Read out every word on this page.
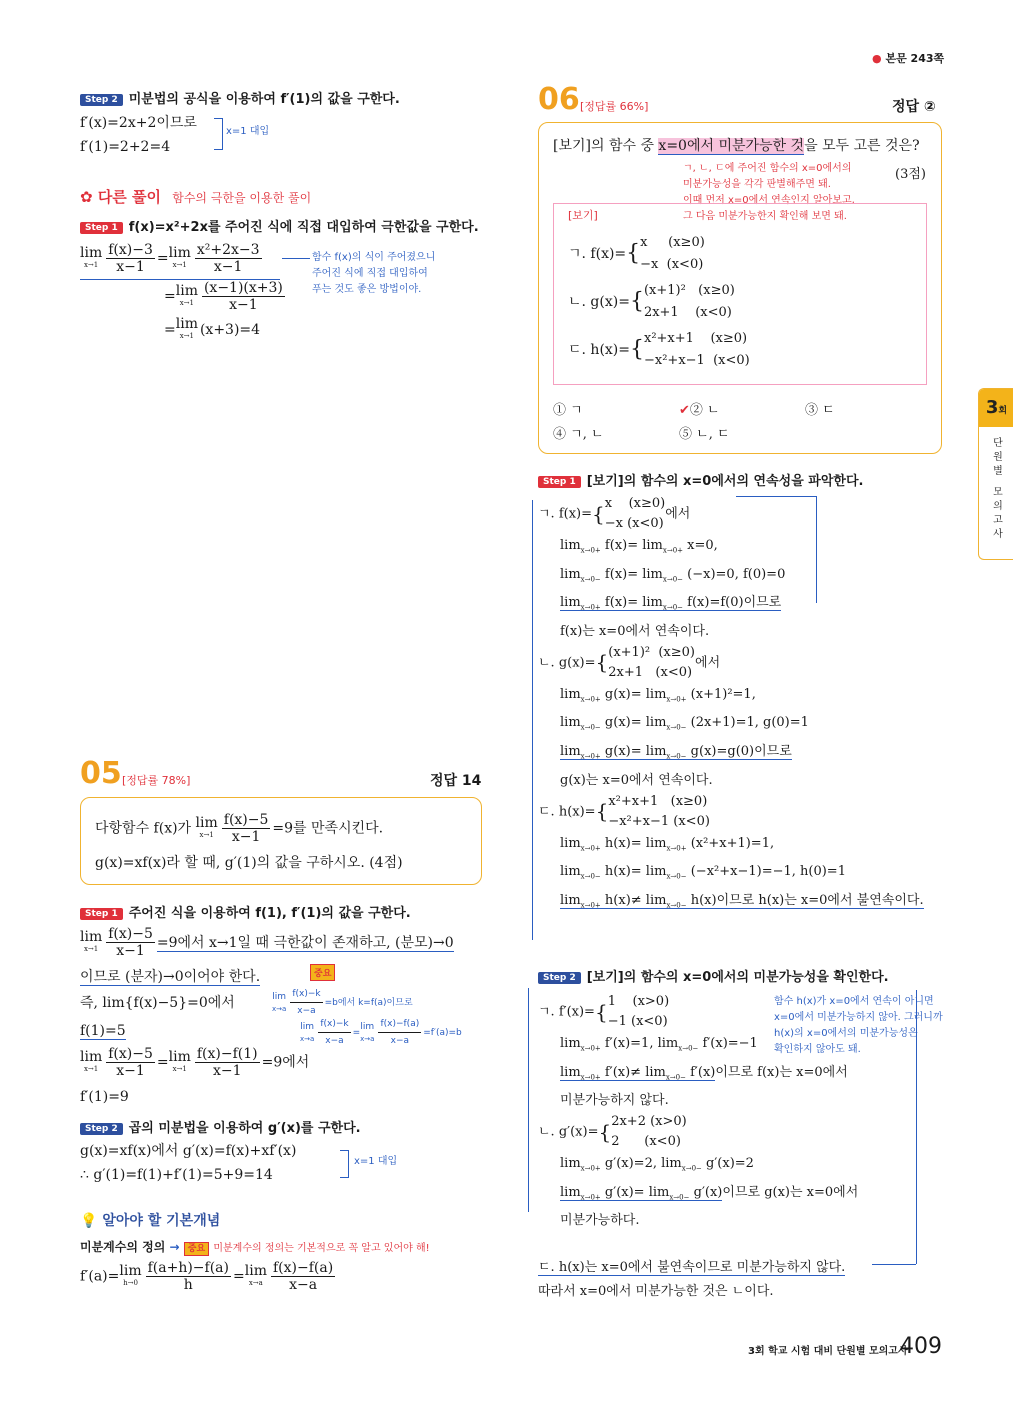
● 본문 243쪽
3회
단원별 모의고사
Step 2 미분법의 공식을 이용하여 f′(1)의 값을 구한다.
f′(x)=2x+2이므로
f′(1)=2+2=4
x=1 대입
✿ 다른 풀이 함수의 극한을 이용한 풀이
Step 1 f(x)=x²+2x를 주어진 식에 직접 대입하여 극한값을 구한다.
lim
$x\to 1 \frac{f(x)-3}{x-1} =\lim$
$x\to 1 \frac{\text{x²+2x−3}}{x-1}$
=lim
$x\to 1 \frac{(x-1)(x+3)}{x-1}$
=lim
x→1 (x+3)=4
함수 f(x)의 식이 주어졌으니
주어진 식에 직접 대입하여
푸는 것도 좋은 방법이야.
05 [정답률 78%]	정답 14
다항함수 f(x)가 lim
$x\to 1 \frac{f(x)-5}{x-1} =9$를 만족시킨다.
g(x)=xf(x)라 할 때, g′(1)의 값을 구하시오. (4점)
Step 1 주어진 식을 이용하여 f(1), f′(1)의 값을 구한다.
lim
$x\to 1 \frac{f(x)-5}{x-1} =9$에서 x→1일 때 극한값이 존재하고, (분모)→0
이므로 (분자)→0이어야 한다.	중요
즉, lim{f(x)−5}=0에서	lim
$x\to a \frac{f(x)-k}{x-a} =b$에서 k=f(a)이므로
f(1)=5	lim
$x\to a \frac{f(x)-k}{x-a} =\lim$
$x\to a \frac{f(x)-f(a)}{x-a} =f'(a)=b$
lim
$x\to 1 \frac{f(x)-5}{x-1} =\lim$
$x\to 1 \frac{f(x)-f(1)}{x-1} =9$에서
f′(1)=9
Step 2 곱의 미분법을 이용하여 g′(x)를 구한다.
g(x)=xf(x)에서 g′(x)=f(x)+xf′(x)
∴ g′(1)=f(1)+f′(1)=5+9=14
x=1 대입
💡 알아야 할 기본개념
미분계수의 정의 → 중요 미분계수의 정의는 기본적으로 꼭 알고 있어야 해!
f′(a)=lim
$h\to 0 \frac{f(a+h)-f(a)}{h} =\lim$
$x\to a \frac{f(x)-f(a)}{x-a}$
06 [정답률 66%]	정답 ②
[보기]의 함수 중 x=0에서 미분가능한 것을 모두 고른 것은?
(3점)
ㄱ, ㄴ, ㄷ에 주어진 함수의 x=0에서의
미분가능성을 각각 판별해주면 돼.
이때 먼저 x=0에서 연속인지 알아보고,
그 다음 미분가능한지 확인해 보면 돼.
[보기]
ㄱ. f(x)={x     (x≥0)
−x  (x<0)
ㄴ. g(x)={(x+1)²   (x≥0)
2x+1    (x<0)
ㄷ. h(x)={x²+x+1    (x≥0)
−x²+x−1  (x<0)
① ㄱ	✔② ㄴ	③ ㄷ
④ ㄱ, ㄴ	⑤ ㄴ, ㄷ
Step 1 [보기]의 함수의 x=0에서의 연속성을 파악한다.
ㄱ. f(x)={x    (x≥0)
−x (x<0)에서
$\lim_{x\to 0+} f(x)= \lim_{x\to 0+} x=0$,
$\lim_{x\to 0-} f(x)= \lim_{x\to 0-} (-x)=0$, f(0)=0
$\lim_{x\to 0+} f(x)= \lim_{x\to 0-} f(x)=f(0)$이므로
f(x)는 x=0에서 연속이다.
ㄴ. g(x)={(x+1)²  (x≥0)
2x+1   (x<0)에서
$\lim_{x\to 0+} g(x)= \lim_{x\to 0+} (x+1)^2=1$,
$\lim_{x\to 0-} g(x)= \lim_{x\to 0-} (2x+1)=1$, g(0)=1
$\lim_{x\to 0+} g(x)= \lim_{x\to 0-} g(x)=g(0)$이므로
g(x)는 x=0에서 연속이다.
ㄷ. h(x)={x²+x+1   (x≥0)
−x²+x−1 (x<0)
$\lim_{x\to 0+} h(x)= \lim_{x\to 0+} (x^2+x+1)=1$,
$\lim_{x\to 0-} h(x)= \lim_{x\to 0-} (-x^2+x-1)=-1$, h(0)=1
$\lim_{x\to 0+} h(x)\ne \lim_{x\to 0-} h(x)$이므로 h(x)는 x=0에서 불연속이다.
Step 2 [보기]의 함수의 x=0에서의 미분가능성을 확인한다.
함수 h(x)가 x=0에서 연속이 아니면
x=0에서 미분가능하지 않아. 그러니까
h(x)의 x=0에서의 미분가능성은
확인하지 않아도 돼.
ㄱ. f′(x)={1    (x>0)
−1 (x<0)
$\lim_{x\to 0+} f'(x)=1$, $\lim_{x\to 0-} f'(x)=-1$
$\lim_{x\to 0+} f'(x)\ne \lim_{x\to 0-} f'(x)$이므로 f(x)는 x=0에서
미분가능하지 않다.
ㄴ. g′(x)={2x+2 (x>0)
2      (x<0)
$\lim_{x\to 0+} g'(x)=2$, $\lim_{x\to 0-} g'(x)=2$
$\lim_{x\to 0+} g'(x)= \lim_{x\to 0-} g'(x)$이므로 g(x)는 x=0에서
미분가능하다.
ㄷ. h(x)는 x=0에서 불연속이므로 미분가능하지 않다.
따라서 x=0에서 미분가능한 것은 ㄴ이다.
3회 학교 시험 대비 단원별 모의고사
409
